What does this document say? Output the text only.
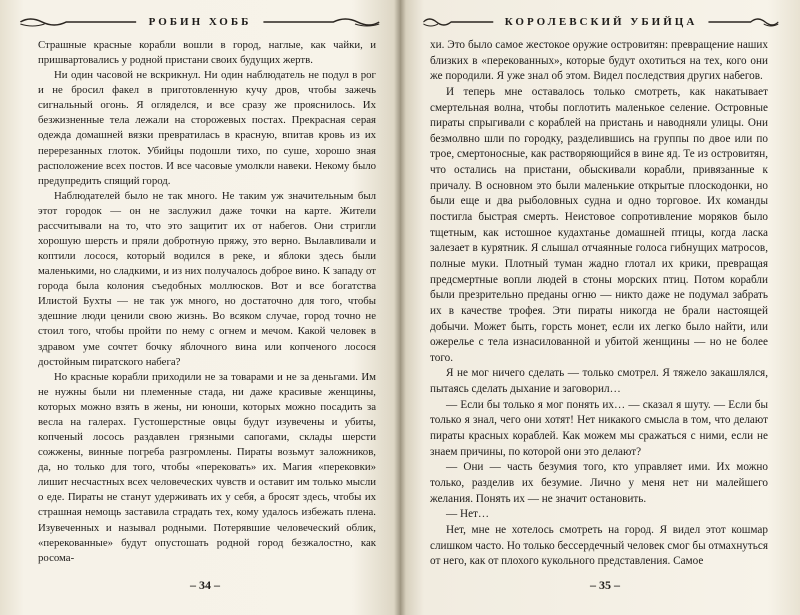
РОБИН ХОББ

Страшные красные корабли вошли в город, наглые, как чайки, и пришвартовались у родной пристани своих будущих жертв.

Ни один часовой не вскрикнул. Ни один наблюдатель не подул в рог и не бросил факел в приготовленную кучу дров, чтобы зажечь сигнальный огонь. Я огляделся, и все сразу же прояснилось. Их безжизненные тела лежали на сторожевых постах. Прекрасная серая одежда домашней вязки превратилась в красную, впитав кровь из их перерезанных глоток. Убийцы подошли тихо, по суше, хорошо зная расположение всех постов. И все часовые умолкли навеки. Некому было предупредить спящий город.

Наблюдателей было не так много. Не таким уж значительным был этот городок — он не заслужил даже точки на карте. Жители рассчитывали на то, что это защитит их от набегов. Они стригли хорошую шерсть и пряли добротную пряжу, это верно. Вылавливали и коптили лосося, который водился в реке, и яблоки здесь были маленькими, но сладкими, и из них получалось доброе вино. К западу от города была колония съедобных моллюсков. Вот и все богатства Илистой Бухты — не так уж много, но достаточно для того, чтобы здешние люди ценили свою жизнь. Во всяком случае, город точно не стоил того, чтобы пройти по нему с огнем и мечом. Какой человек в здравом уме сочтет бочку яблочного вина или копченого лосося достойным пиратского набега?

Но красные корабли приходили не за товарами и не за деньгами. Им не нужны были ни племенные стада, ни даже красивые женщины, которых можно взять в жены, ни юноши, которых можно посадить за весла на галерах. Густошерстные овцы будут изувечены и убиты, копченый лосось раздавлен грязными сапогами, склады шерсти сожжены, винные погреба разгромлены. Пираты возьмут заложников, да, но только для того, чтобы «перековать» их. Магия «перековки» лишит несчастных всех человеческих чувств и оставит им только мысли о еде. Пираты не станут удерживать их у себя, а бросят здесь, чтобы их страшная немощь заставила страдать тех, кому удалось избежать плена. Изувеченных и называл родными. Потерявшие человеческий облик, «перекованные» будут опустошать родной город безжалостно, как росома-

– 34 –
КОРОЛЕВСКИЙ УБИЙЦА

хи. Это было самое жестокое оружие островитян: превращение наших близких в «перекованных», которые будут охотиться на тех, кого они же породили. Я уже знал об этом. Видел последствия других набегов.

И теперь мне оставалось только смотреть, как накатывает смертельная волна, чтобы поглотить маленькое селение. Островные пираты спрыгивали с кораблей на пристань и наводняли улицы. Они безмолвно шли по городку, разделившись на группы по двое или по трое, смертоносные, как растворяющийся в вине яд. Те из островитян, что остались на пристани, обыскивали корабли, привязанные к причалу. В основном это были маленькие открытые плоскодонки, но были еще и два рыболовных судна и одно торговое. Их команды постигла быстрая смерть. Неистовое сопротивление моряков было тщетным, как истошное кудахтанье домашней птицы, когда ласка залезает в курятник. Я слышал отчаянные голоса гибнущих матросов, полные муки. Плотный туман жадно глотал их крики, превращая предсмертные вопли людей в стоны морских птиц. Потом корабли были презрительно преданы огню — никто даже не подумал забрать их в качестве трофея. Эти пираты никогда не брали настоящей добычи. Может быть, горсть монет, если их легко было найти, или ожерелье с тела изнасилованной и убитой женщины — но не более того.

Я не мог ничего сделать — только смотрел. Я тяжело закашлялся, пытаясь сделать дыхание и заговорил…

— Если бы только я мог понять их… — сказал я шуту. — Если бы только я знал, чего они хотят! Нет никакого смысла в том, что делают пираты красных кораблей. Как можем мы сражаться с ними, если не знаем причины, по которой они это делают?

— Они — часть безумия того, кто управляет ими. Их можно только, разделив их безумие. Лично у меня нет ни малейшего желания. Понять их — не значит остановить.

— Нет…

Нет, мне не хотелось смотреть на город. Я видел этот кошмар слишком часто. Но только бессердечный человек смог бы отмахнуться от него, как от плохого кукольного представления. Самое

– 35 –
